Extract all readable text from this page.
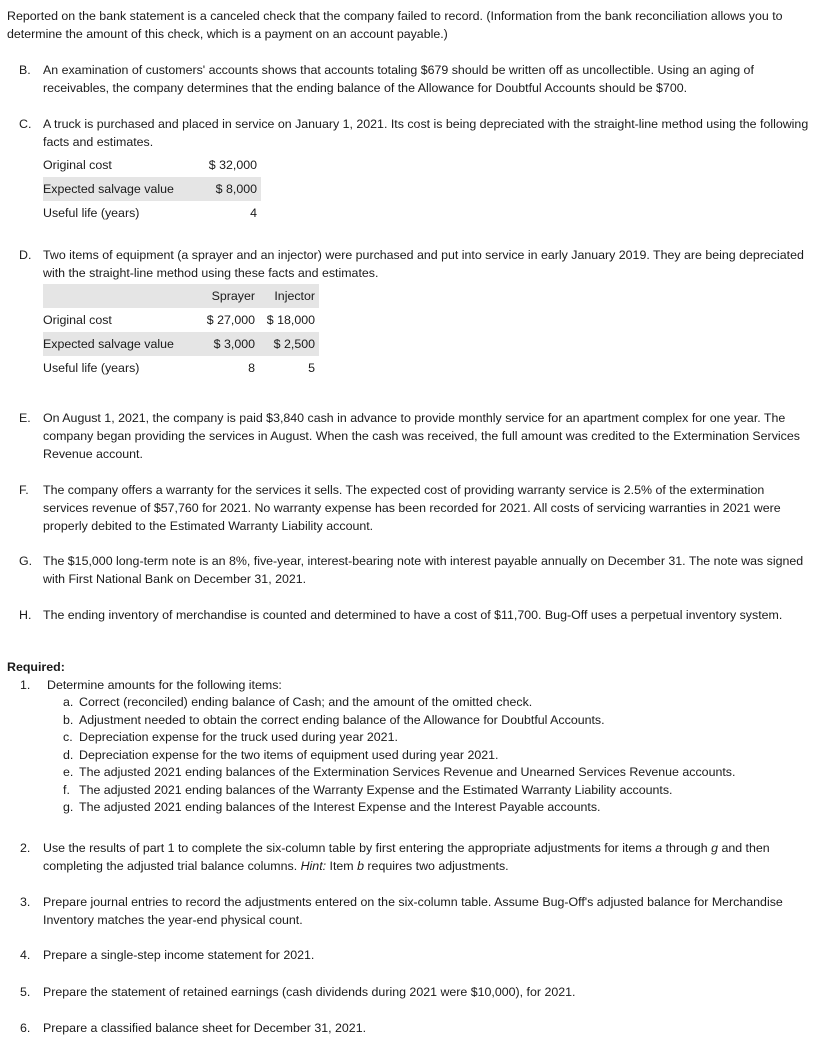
Reported on the bank statement is a canceled check that the company failed to record. (Information from the bank reconciliation allows you to determine the amount of this check, which is a payment on an account payable.)
B. An examination of customers' accounts shows that accounts totaling $679 should be written off as uncollectible. Using an aging of receivables, the company determines that the ending balance of the Allowance for Doubtful Accounts should be $700.
C. A truck is purchased and placed in service on January 1, 2021. Its cost is being depreciated with the straight-line method using the following facts and estimates.
Original cost	$ 32,000
Expected salvage value	$ 8,000
Useful life (years)	4
D. Two items of equipment (a sprayer and an injector) were purchased and put into service in early January 2019. They are being depreciated with the straight-line method using these facts and estimates.
	Sprayer	Injector
Original cost	$ 27,000	$ 18,000
Expected salvage value	$ 3,000	$ 2,500
Useful life (years)	8	5
E. On August 1, 2021, the company is paid $3,840 cash in advance to provide monthly service for an apartment complex for one year. The company began providing the services in August. When the cash was received, the full amount was credited to the Extermination Services Revenue account.
F.	The company offers a warranty for the services it sells. The expected cost of providing warranty service is 2.5% of the extermination services revenue of $57,760 for 2021. No warranty expense has been recorded for 2021. All costs of servicing warranties in 2021 were properly debited to the Estimated Warranty Liability account.
G. The $15,000 long-term note is an 8%, five-year, interest-bearing note with interest payable annually on December 31. The note was signed with First National Bank on December 31, 2021.
H. The ending inventory of merchandise is counted and determined to have a cost of $11,700. Bug-Off uses a perpetual inventory system.
Required:
1. Determine amounts for the following items:
a. Correct (reconciled) ending balance of Cash; and the amount of the omitted check.
b. Adjustment needed to obtain the correct ending balance of the Allowance for Doubtful Accounts.
c. Depreciation expense for the truck used during year 2021.
d. Depreciation expense for the two items of equipment used during year 2021.
e. The adjusted 2021 ending balances of the Extermination Services Revenue and Unearned Services Revenue accounts.
f. The adjusted 2021 ending balances of the Warranty Expense and the Estimated Warranty Liability accounts.
g. The adjusted 2021 ending balances of the Interest Expense and the Interest Payable accounts.
2. Use the results of part 1 to complete the six-column table by first entering the appropriate adjustments for items a through g and then completing the adjusted trial balance columns. Hint: Item b requires two adjustments.
3. Prepare journal entries to record the adjustments entered on the six-column table. Assume Bug-Off's adjusted balance for Merchandise Inventory matches the year-end physical count.
4. Prepare a single-step income statement for 2021.
5. Prepare the statement of retained earnings (cash dividends during 2021 were $10,000), for 2021.
6. Prepare a classified balance sheet for December 31, 2021.
